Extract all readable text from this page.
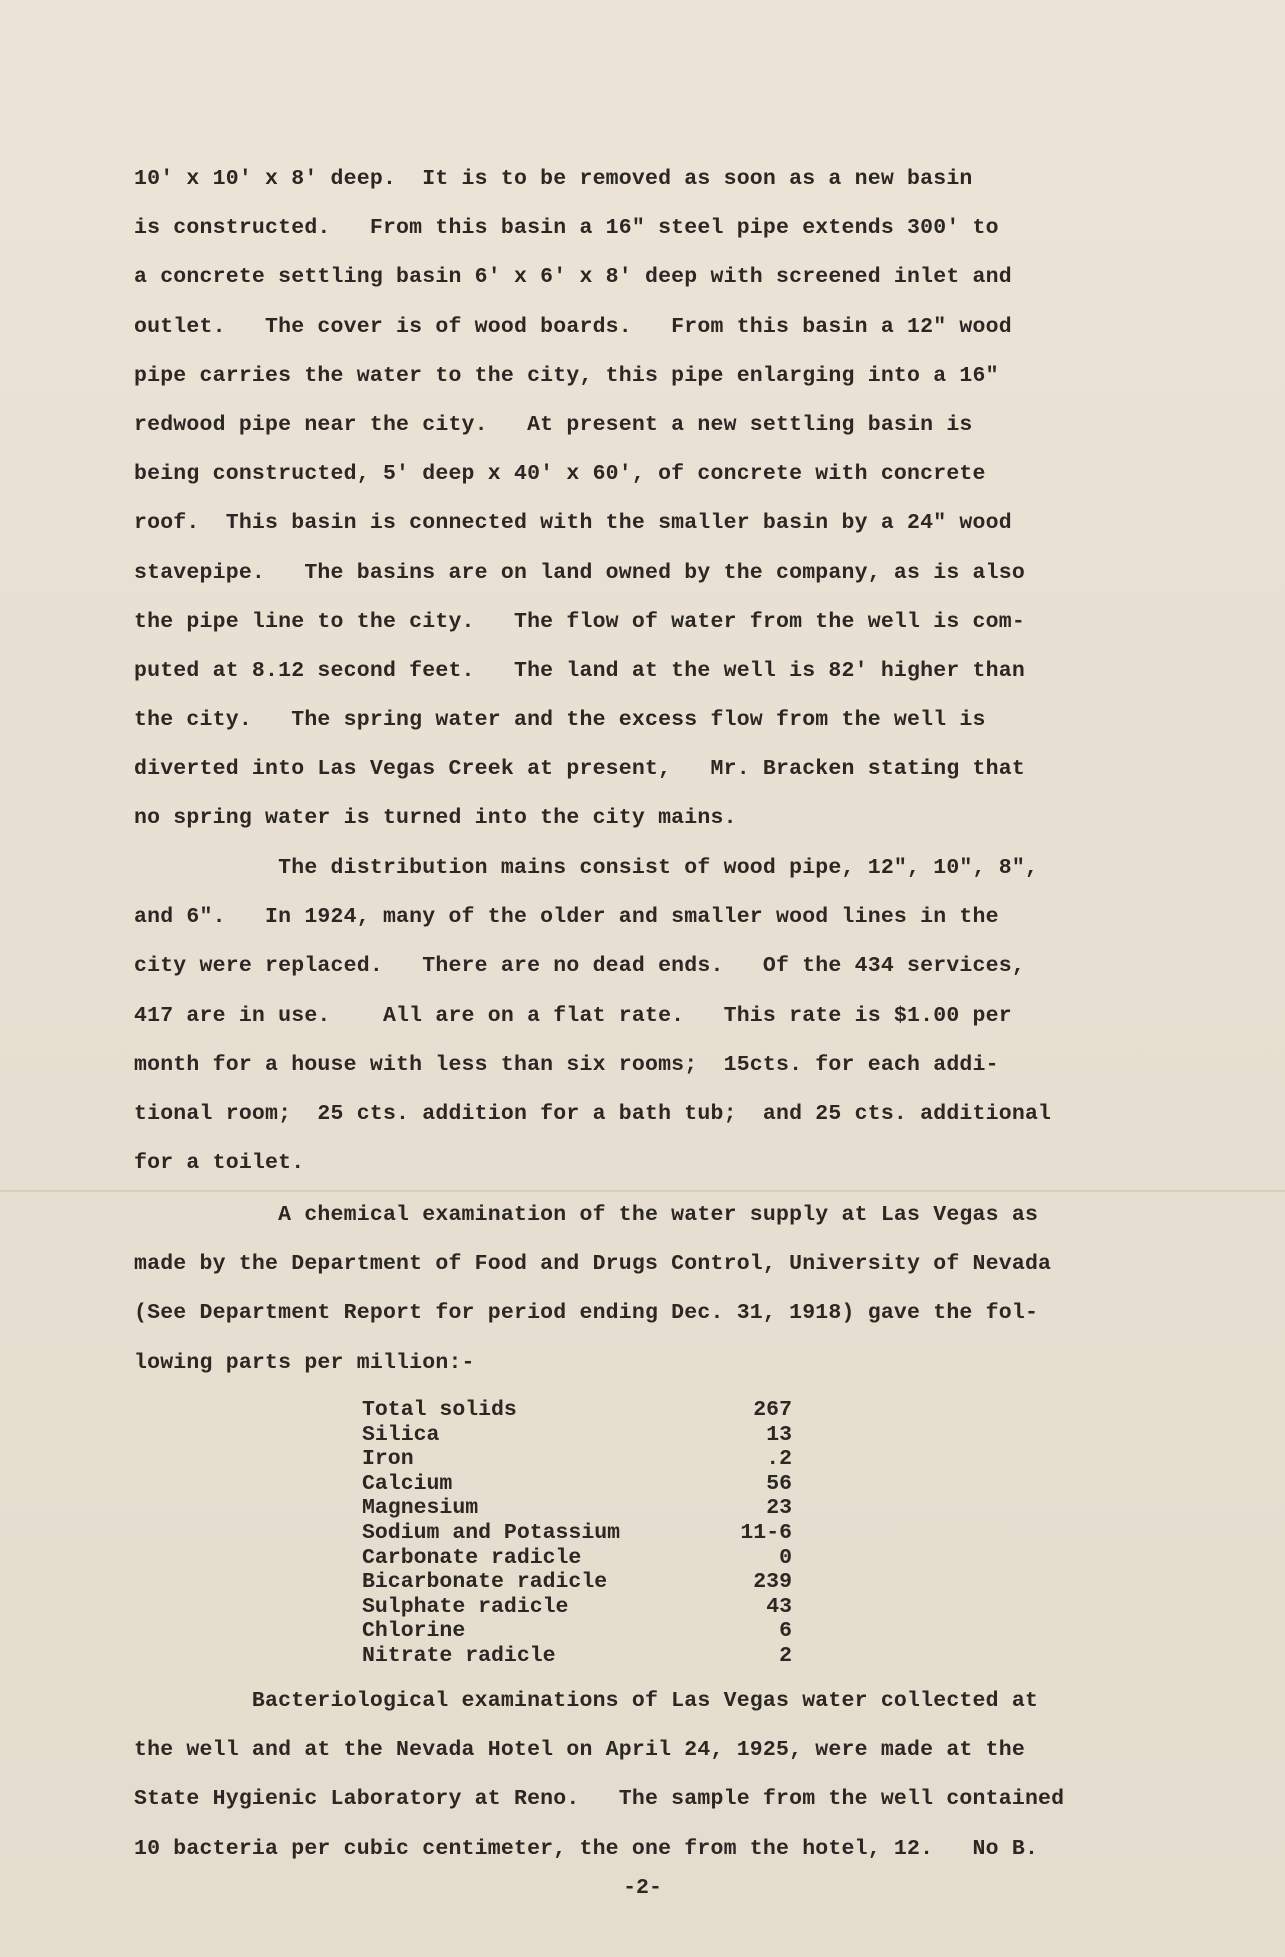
10' x 10' x 8' deep.  It is to be removed as soon as a new basin
is constructed.   From this basin a 16" steel pipe extends 300' to
a concrete settling basin 6' x 6' x 8' deep with screened inlet and
outlet.   The cover is of wood boards.   From this basin a 12" wood
pipe carries the water to the city, this pipe enlarging into a 16"
redwood pipe near the city.   At present a new settling basin is
being constructed, 5' deep x 40' x 60', of concrete with concrete
roof.  This basin is connected with the smaller basin by a 24" wood
stavepipe.   The basins are on land owned by the company, as is also
the pipe line to the city.   The flow of water from the well is com-
puted at 8.12 second feet.   The land at the well is 82' higher than
the city.   The spring water and the excess flow from the well is
diverted into Las Vegas Creek at present,   Mr. Bracken stating that
no spring water is turned into the city mains.
The distribution mains consist of wood pipe, 12", 10", 8",
and 6".   In 1924, many of the older and smaller wood lines in the
city were replaced.   There are no dead ends.   Of the 434 services,
417 are in use.    All are on a flat rate.   This rate is $1.00 per
month for a house with less than six rooms;  15cts. for each addi-
tional room;  25 cts. addition for a bath tub;  and 25 cts. additional
for a toilet.
A chemical examination of the water supply at Las Vegas as
made by the Department of Food and Drugs Control, University of Nevada
(See Department Report for period ending Dec. 31, 1918) gave the fol-
lowing parts per million:-
Total solids	267
Silica	13
Iron	.2
Calcium	56
Magnesium	23
Sodium and Potassium	11-6
Carbonate radicle	0
Bicarbonate radicle	239
Sulphate radicle	43
Chlorine	6
Nitrate radicle	2
Bacteriological examinations of Las Vegas water collected at
the well and at the Nevada Hotel on April 24, 1925, were made at the
State Hygienic Laboratory at Reno.   The sample from the well contained
10 bacteria per cubic centimeter, the one from the hotel, 12.   No B.
-2-
